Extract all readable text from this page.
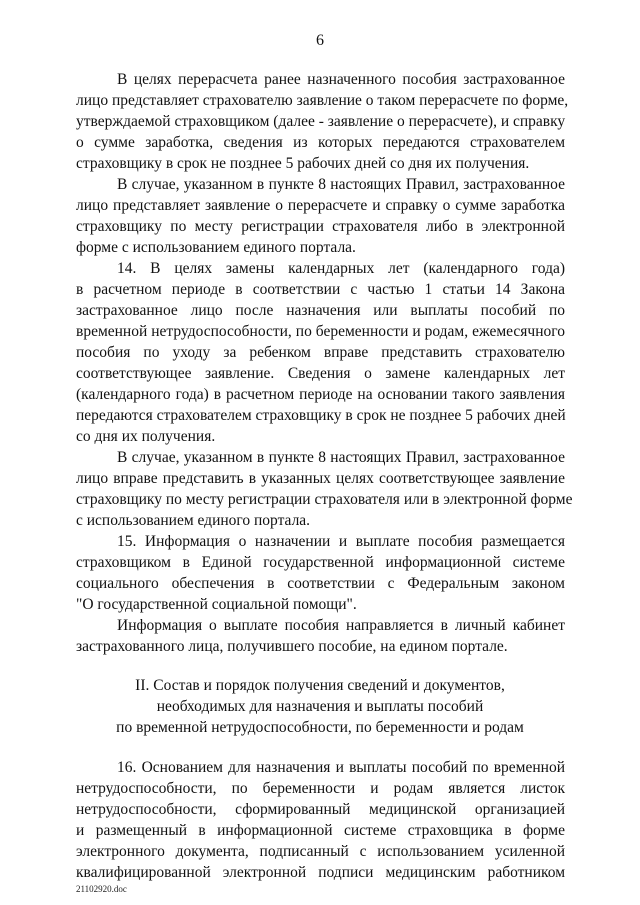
6
В целях перерасчета ранее назначенного пособия застрахованное
лицо представляет страхователю заявление о таком перерасчете по форме,
утверждаемой страховщиком (далее - заявление о перерасчете), и справку
о сумме заработка, сведения из которых передаются страхователем
страховщику в срок не позднее 5 рабочих дней со дня их получения.
В случае, указанном в пункте 8 настоящих Правил, застрахованное
лицо представляет заявление о перерасчете и справку о сумме заработка
страховщику по месту регистрации страхователя либо в электронной
форме с использованием единого портала.
14. В целях замены календарных лет (календарного года)
в расчетном периоде в соответствии с частью 1 статьи 14 Закона
застрахованное лицо после назначения или выплаты пособий по
временной нетрудоспособности, по беременности и родам, ежемесячного
пособия по уходу за ребенком вправе представить страхователю
соответствующее заявление. Сведения о замене календарных лет
(календарного года) в расчетном периоде на основании такого заявления
передаются страхователем страховщику в срок не позднее 5 рабочих дней
со дня их получения.
В случае, указанном в пункте 8 настоящих Правил, застрахованное
лицо вправе представить в указанных целях соответствующее заявление
страховщику по месту регистрации страхователя или в электронной форме
с использованием единого портала.
15. Информация о назначении и выплате пособия размещается
страховщиком в Единой государственной информационной системе
социального обеспечения в соответствии с Федеральным законом
"О государственной социальной помощи".
Информация о выплате пособия направляется в личный кабинет
застрахованного лица, получившего пособие, на едином портале.
II. Состав и порядок получения сведений и документов,
необходимых для назначения и выплаты пособий
по временной нетрудоспособности, по беременности и родам
16. Основанием для назначения и выплаты пособий по временной
нетрудоспособности, по беременности и родам является листок
нетрудоспособности, сформированный медицинской организацией
и размещенный в информационной системе страховщика в форме
электронного документа, подписанный с использованием усиленной
квалифицированной электронной подписи медицинским работником
21102920.doc
